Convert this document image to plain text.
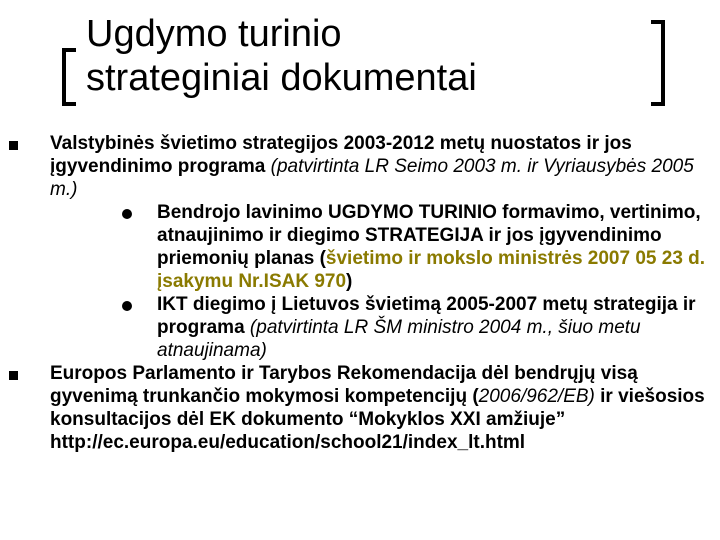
Ugdymo turinio
strateginiai dokumentai
Valstybinės švietimo strategijos 2003-2012 metų nuostatos ir jos įgyvendinimo programa (patvirtinta LR Seimo 2003 m. ir Vyriausybės 2005 m.)
Bendrojo lavinimo UGDYMO TURINIO formavimo, vertinimo, atnaujinimo ir diegimo STRATEGIJA ir jos įgyvendinimo priemonių planas (švietimo ir mokslo ministrės 2007 05 23 d. įsakymu Nr.ISAK 970)
IKT diegimo į Lietuvos švietimą 2005-2007 metų strategija ir programa (patvirtinta LR ŠM ministro 2004 m., šiuo metu atnaujinama)
Europos Parlamento ir Tarybos Rekomendacija dėl bendrųjų visą gyvenimą trunkančio mokymosi kompetencijų (2006/962/EB) ir viešosios konsultacijos dėl EK dokumento “Mokyklos XXI amžiuje”
http://ec.europa.eu/education/school21/index_lt.html
